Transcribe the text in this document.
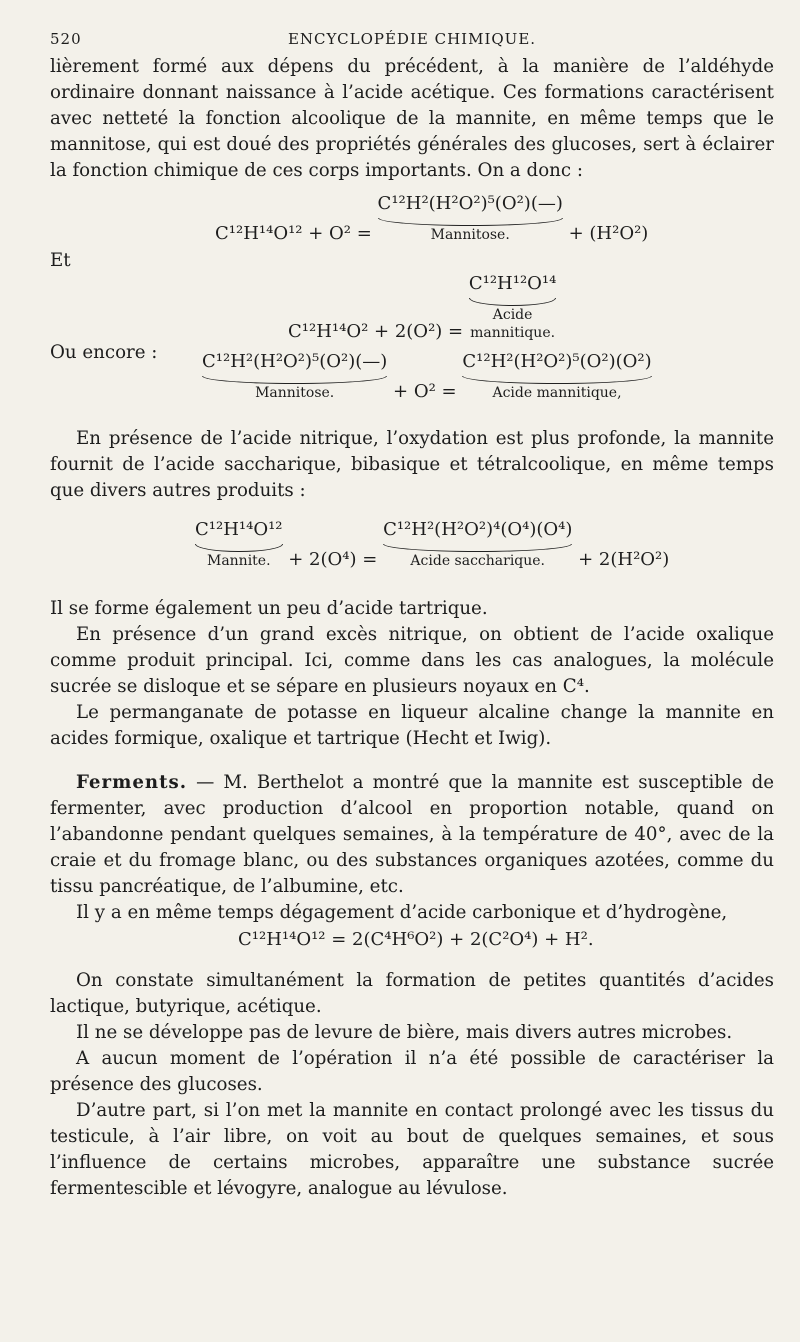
520	ENCYCLOPÉDIE CHIMIQUE.

lièrement formé aux dépens du précédent, à la manière de l’aldéhyde ordinaire donnant naissance à l’acide acétique. Ces formations caractérisent avec netteté la fonction alcoolique de la mannite, en même temps que le mannitose, qui est doué des propriétés générales des glucoses, sert à éclairer la fonction chimique de ces corps importants. On a donc :

C¹²H¹⁴O¹² + O² = C¹²H²(H²O²)⁵(O²)(—)
Mannitose.	+ (H²O²)
Et
C¹²H¹⁴O² + 2(O²) = C¹²H¹²O¹⁴
Acide
mannitique.
Ou encore : C¹²H²(H²O²)⁵(O²)(—)
Mannitose.	+ O² = C¹²H²(H²O²)⁵(O²)(O²)
Acide mannitique,

En présence de l’acide nitrique, l’oxydation est plus profonde, la mannite fournit de l’acide saccharique, bibasique et tétralcoolique, en même temps que divers autres produits :

C¹²H¹⁴O¹²
Mannite. + 2(O⁴) = C¹²H²(H²O²)⁴(O⁴)(O⁴)
Acide saccharique.	+ 2(H²O²)

Il se forme également un peu d’acide tartrique.

En présence d’un grand excès nitrique, on obtient de l’acide oxalique comme produit principal. Ici, comme dans les cas analogues, la molécule sucrée se disloque et se sépare en plusieurs noyaux en C⁴.

Le permanganate de potasse en liqueur alcaline change la mannite en acides formique, oxalique et tartrique (Hecht et Iwig).

Ferments. — M. Berthelot a montré que la mannite est susceptible de fermenter, avec production d’alcool en proportion notable, quand on l’abandonne pendant quelques semaines, à la température de 40°, avec de la craie et du fromage blanc, ou des substances organiques azotées, comme du tissu pancréatique, de l’albumine, etc.

Il y a en même temps dégagement d’acide carbonique et d’hydrogène,

C¹²H¹⁴O¹² = 2(C⁴H⁶O²) + 2(C²O⁴) + H².

On constate simultanément la formation de petites quantités d’acides lactique, butyrique, acétique.

Il ne se développe pas de levure de bière, mais divers autres microbes.

A aucun moment de l’opération il n’a été possible de caractériser la présence des glucoses.

D’autre part, si l’on met la mannite en contact prolongé avec les tissus du testicule, à l’air libre, on voit au bout de quelques semaines, et sous l’influence de certains microbes, apparaître une substance sucrée fermentescible et lévogyre, analogue au lévulose.
